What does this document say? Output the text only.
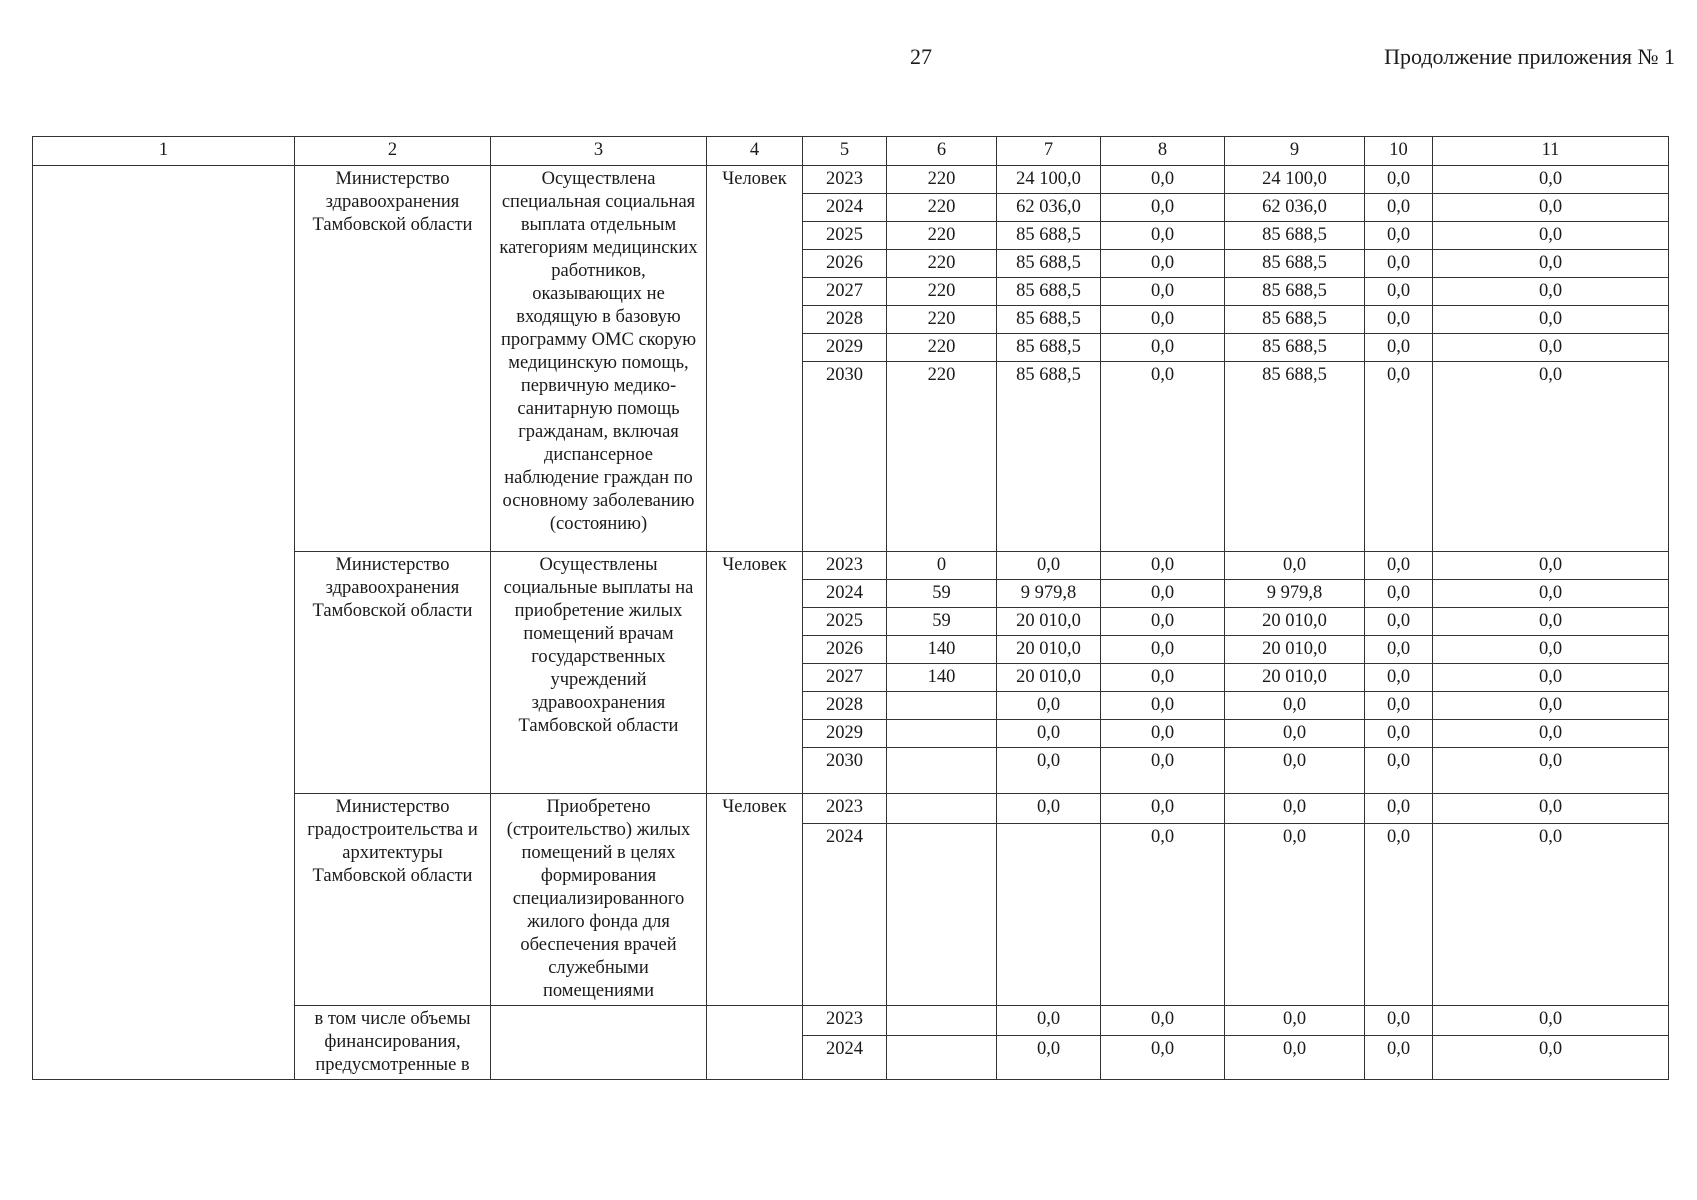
27	Продолжение приложения № 1
1	2	3	4	5	6	7	8	9	10	11
	Министерство здравоохранения Тамбовской области	Осуществлена специальная социальная выплата отдельным категориям медицинских работников, оказывающих не входящую в базовую программу ОМС скорую медицинскую помощь, первичную медико-санитарную помощь гражданам, включая диспансерное наблюдение граждан по основному заболеванию (состоянию)	Человек	2023	220	24 100,0	0,0	24 100,0	0,0	0,0
				2024	220	62 036,0	0,0	62 036,0	0,0	0,0
				2025	220	85 688,5	0,0	85 688,5	0,0	0,0
				2026	220	85 688,5	0,0	85 688,5	0,0	0,0
				2027	220	85 688,5	0,0	85 688,5	0,0	0,0
				2028	220	85 688,5	0,0	85 688,5	0,0	0,0
				2029	220	85 688,5	0,0	85 688,5	0,0	0,0
				2030	220	85 688,5	0,0	85 688,5	0,0	0,0
	Министерство здравоохранения Тамбовской области	Осуществлены социальные выплаты на приобретение жилых помещений врачам государственных учреждений здравоохранения Тамбовской области	Человек	2023	0	0,0	0,0	0,0	0,0	0,0
				2024	59	9 979,8	0,0	9 979,8	0,0	0,0
				2025	59	20 010,0	0,0	20 010,0	0,0	0,0
				2026	140	20 010,0	0,0	20 010,0	0,0	0,0
				2027	140	20 010,0	0,0	20 010,0	0,0	0,0
				2028		0,0	0,0	0,0	0,0	0,0
				2029		0,0	0,0	0,0	0,0	0,0
				2030		0,0	0,0	0,0	0,0	0,0
	Министерство градостроительства и архитектуры Тамбовской области	Приобретено (строительство) жилых помещений в целях формирования специализированного жилого фонда для обеспечения врачей служебными помещениями	Человек	2023		0,0	0,0	0,0	0,0	0,0
				2024			0,0	0,0	0,0	0,0
	в том числе объемы финансирования, предусмотренные в			2023		0,0	0,0	0,0	0,0	0,0
				2024		0,0	0,0	0,0	0,0	0,0
